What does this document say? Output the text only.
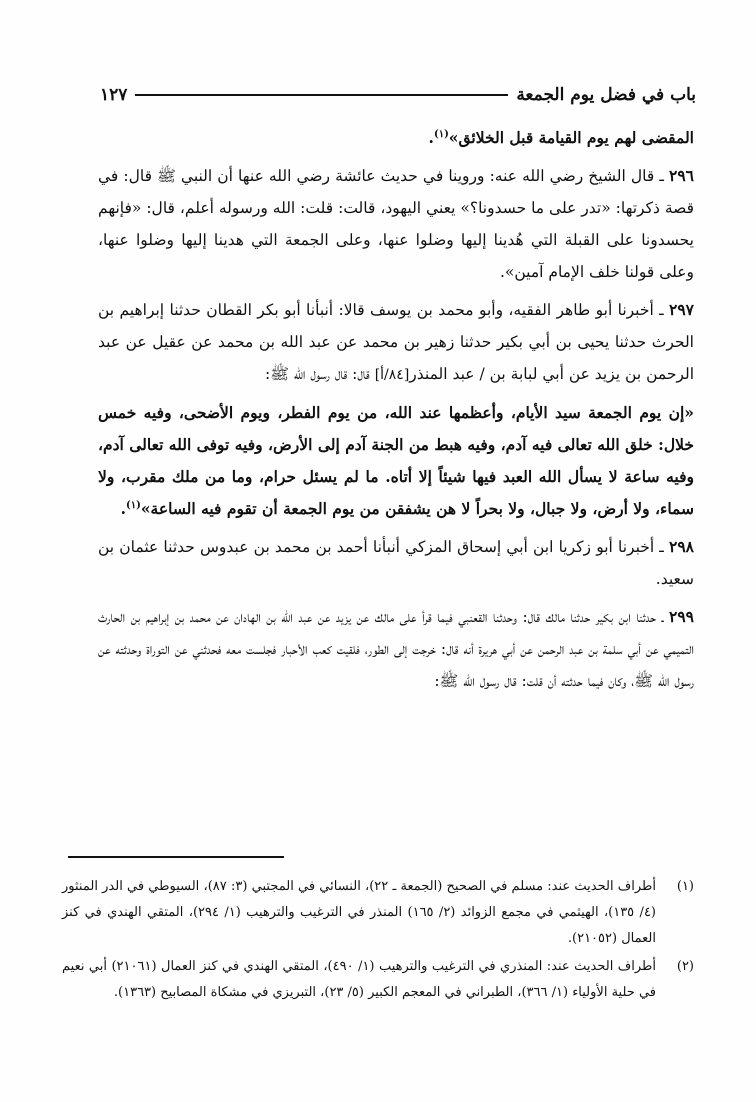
باب في فضل يوم الجمعة
١٢٧

المقضى لهم يوم القيامة قبل الخلائق»$^{(١)}$.

٢٩٦ ـ قال الشيخ رضي الله عنه: وروينا في حديث عائشة رضي الله عنها أن النبي ﷺ قال: في قصة ذكرتها: «تدر على ما حسدونا؟» يعني اليهود، قالت: قلت: الله ورسوله أعلم، قال: «فإنهم يحسدونا على القبلة التي هُدينا إليها وضلوا عنها، وعلى الجمعة التي هدينا إليها وضلوا عنها، وعلى قولنا خلف الإمام آمين».

٢٩٧ ـ أخبرنا أبو طاهر الفقيه، وأبو محمد بن يوسف قالا: أنبأنا أبو بكر القطان حدثنا إبراهيم بن الحرث حدثنا يحيى بن أبي بكير حدثنا زهير بن محمد عن عبد الله بن محمد عن عقيل عن عبد الرحمن بن يزيد عن أبي لبابة بن / عبد المنذر[٨٤/أ] قال: قال رسول الله ﷺ:

«إن يوم الجمعة سيد الأيام، وأعظمها عند الله، من يوم الفطر، ويوم الأضحى، وفيه خمس خلال: خلق الله تعالى فيه آدم، وفيه هبط من الجنة آدم إلى الأرض، وفيه توفى الله تعالى آدم، وفيه ساعة لا يسأل الله العبد فيها شيئاً إلا أتاه. ما لم يسئل حرام، وما من ملك مقرب، ولا سماء، ولا أرض، ولا جبال، ولا بحراً لا هن يشفقن من يوم الجمعة أن تقوم فيه الساعة»$^{(١)}$.

٢٩٨ ـ أخبرنا أبو زكريا ابن أبي إسحاق المزكي أنبأنا أحمد بن محمد بن عبدوس حدثنا عثمان بن سعيد.

٢٩٩ ـ حدثنا ابن بكير حدثنا مالك قال: وحدثنا القعنبي فيما قرأ على مالك عن يزيد عن عبد الله بن الهادان عن محمد بن إبراهيم بن الحارث التميمي عن أبي سلمة بن عبد الرحمن عن أبي هريرة أنه قال: خرجت إلى الطور، فلقيت كعب الأحبار فجلست معه فحدثني عن التوراة وحدثته عن رسول الله ﷺ، وكان فيما حدثته أن قلت: قال رسول الله ﷺ:

(١)
أطراف الحديث عند: مسلم في الصحيح (الجمعة ـ ٢٢)، النسائي في المجتبي (٣: ٨٧)، السيوطي في الدر المنثور (٤/ ١٣٥)، الهيثمي في مجمع الزوائد (٢/ ١٦٥) المنذر في الترغيب والترهيب (١/ ٢٩٤)، المتقي الهندي في كنز العمال (٢١٠٥٢).
(٢)
أطراف الحديث عند: المنذري في الترغيب والترهيب (١/ ٤٩٠)، المتقي الهندي في كنز العمال (٢١٠٦١) أبي نعيم في حلية الأولياء (١/ ٣٦٦)، الطبراني في المعجم الكبير (٥/ ٢٣)، التبريزي في مشكاة المصابيح (١٣٦٣).
